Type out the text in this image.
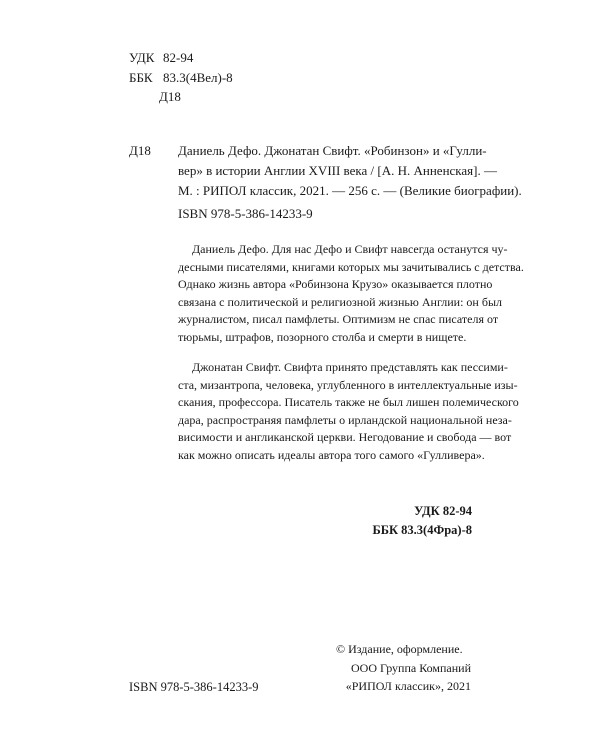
УДК 82-94
ББК 83.3(4Вел)-8
Д18
Д18 Даниель Дефо. Джонатан Свифт. «Робинзон» и «Гулли-
вер» в истории Англии XVIII века / [А. Н. Анненская]. —
М. : РИПОЛ классик, 2021. — 256 с. — (Великие биографии).
ISBN 978-5-386-14233-9
Даниель Дефо. Для нас Дефо и Свифт навсегда останутся чу-
десными писателями, книгами которых мы зачитывались с детства.
Однако жизнь автора «Робинзона Крузо» оказывается плотно
связана с политической и религиозной жизнью Англии: он был
журналистом, писал памфлеты. Оптимизм не спас писателя от
тюрьмы, штрафов, позорного столба и смерти в нищете.
Джонатан Свифт. Свифта принято представлять как пессими-
ста, мизантропа, человека, углубленного в интеллектуальные изы-
скания, профессора. Писатель также не был лишен полемического
дара, распространяя памфлеты о ирландской национальной неза-
висимости и англиканской церкви. Негодование и свобода — вот
как можно описать идеалы автора того самого «Гулливера».
УДК 82-94
ББК 83.3(4Фра)-8
© Издание, оформление.
ООО Группа Компаний
«РИПОЛ классик», 2021
ISBN 978-5-386-14233-9
